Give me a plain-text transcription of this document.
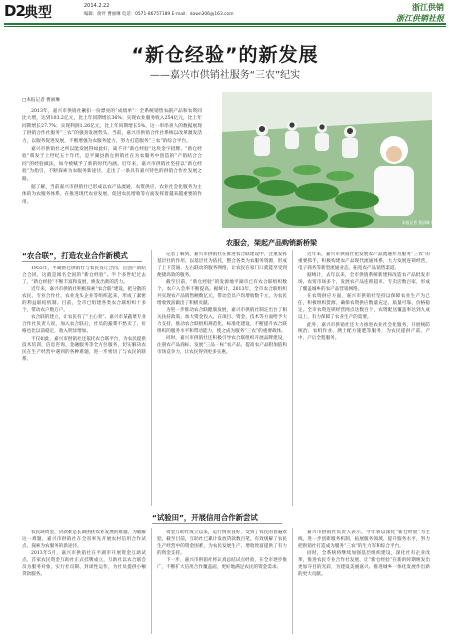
D2 典型	2014.2.22
编辑：俞叶 曹丽琳 电话：0571-86757189 E-mail：dawn306@163.com
浙江供销
浙江供销社报
“新仓经验”的新发展
——嘉兴市供销社服务“三农”纪实
□本报记者 曹丽琳

2013年，嘉兴市供销社紧扣一份漂亮的“成绩单”：全系统销售农副产品和农资同比大增，达到103.2亿元，比上年同期增长36%；实现农业服务收入254亿元，比上年同期增长27.7%；实现利润1.26亿元，比上年同期增长5%。这一串串喜人的数据展现了供销合作社服务“三农”的强劲发展势头。当前，嘉兴市供销合作社系统以改革激发活力，以服务促进发展，不断增强为农服务能力，努力打造服务“三农”的综合平台。

嘉兴市供销社之所以能发展得如此好，离不开“新仓经验”这块金字招牌。“新仓经验”萌发于上世纪五十年代，是平湖县新仓供销社在为农服务中创造的“产销结合合同”的经验做法，如今被赋予了新的时代内涵。近年来，嘉兴市供销社坚持以“新仓经验”为指引，不断探索为农服务新途径，走出了一条具有嘉兴特色的供销合作社发展之路。

据了解，当前嘉兴市供销社已形成以农产品流通、农资供应、农业社会化服务为主体的为农服务体系，在推进现代农业发展、促进农民增收等方面发挥着越来越重要的作用。

本报记者 曹丽琳 摄
农服会，架起产品购销新桥梁
“农合联”，打造农业合作新模式

1955年，平湖新仓供销社与农民签订合同，首创产销结合合同，这就是闻名全国的“新仓经验”。半个多世纪过去了，“新仓经验”不断丰富和发展，焕发出新的活力。

近年来，嘉兴市供销社积极探索“农合联”建设，把分散的农民、专业合作社、农业龙头企业等组织起来，形成了紧密的利益联结机制。目前，全市已组建各类农合联组织十多个，带动农户数万户。

农合联的建立，让农民有了“主心骨”。嘉兴市某蔬菜专业合作社负责人说，加入农合联后，社员的蔬菜不愁卖了，价格也比以前稳定，收入明显增加。

不仅如此，嘉兴市供销社还依托农合联平台，为农民提供技术培训、信息咨询、金融服务等全方位服务，切实解决农民在生产经营中遇到的各种难题，进一步密切了与农民的联系。

记者了解到，嘉兴市供销社在推进农合联建设中，注重发挥基层社的作用，以基层社为依托，整合各类为农服务资源，形成了上下贯通、左右联动的服务网络，让农民在家门口就能享受到便捷高效的服务。

截至目前，“新仓经验”的发源地平湖市已有农合联组织数个，农户入会率不断提高。据统计，2013年，全市农合联组织共实现农产品销售额数亿元，带动会员户均增收数千元，为农民增收致富做出了积极贡献。

为进一步推动农合联健康发展，嘉兴市供销社制定出台了相关扶持政策，加大资金投入，在项目、资金、技术等方面给予大力支持，推动农合联组织规范化、标准化建设，不断提升农合联组织的服务水平和带动能力，使之成为服务“三农”的重要载体。

同时，嘉兴市供销社还积极引导农合联组织开展品牌建设，注册农产品商标，发展“三品一标”农产品，提高农产品附加值和市场竞争力，让农民得到更多实惠。

近年来，嘉兴市供销社把发展农产品流通作为服务“三农”的重要抓手，积极构建农产品现代流通体系，大力发展连锁经营、电子商务等新型流通业态，拓宽农产品销售渠道。

据统计，去年以来，全市供销系统新建和改造农产品批发市场、农贸市场多个，发展农产品连锁超市、专卖店数百家，形成了覆盖城乡的农产品营销网络。

在农资供应方面，嘉兴市供销社坚持以保障农业生产为己任，积极组织货源，确保农资供应数量充足、质量可靠、价格稳定。全市农资连锁经营网点达数百个，农资配送覆盖率达到九成以上，有力保障了农业生产的需要。

此外，嘉兴市供销社还大力推进农业社会化服务，开展统防统治、农机作业、测土配方施肥等服务，为农民提供产前、产中、产后全程服务。

“试验田”，开展信用合作新尝试

农民缺资金、贷款难是长期困扰农业发展的难题。为破解这一难题，嘉兴市供销社在全省率先开展农村信用合作试点，探索为农服务的新途径。

2013年5月，嘉兴市供销社在平湖市开展资金互助试点，首家农民资金互助社正式挂牌成立。互助社以农合联会员为服务对象，实行社员制、封闭性运作，为社员提供小额贷款服务。

资金互助社成立以来，运行情况良好，受到了农民的普遍欢迎。截至目前，互助社已累计发放贷款数百笔，有效缓解了农民生产经营中的资金困难，为农民发展生产、增收致富提供了有力的资金支持。

下一步，嘉兴市供销社将认真总结试点经验，在全市逐步推广，不断扩大信用合作覆盖面，更好地满足农民的资金需求。

嘉兴市供销社负责人表示，今年将以深化“新仓经验”为主线，进一步创新服务机制，拓展服务领域，提升服务水平，努力把供销社打造成为服务“三农”的生力军和综合平台。

同时，全系统将继续加强基层组织建设，深化社有企业改革，推进农民专业合作社发展，让“新仓经验”在新的时期焕发出更加夺目的光彩，为建设美丽嘉兴、推进城乡一体化发展作出新的更大贡献。
